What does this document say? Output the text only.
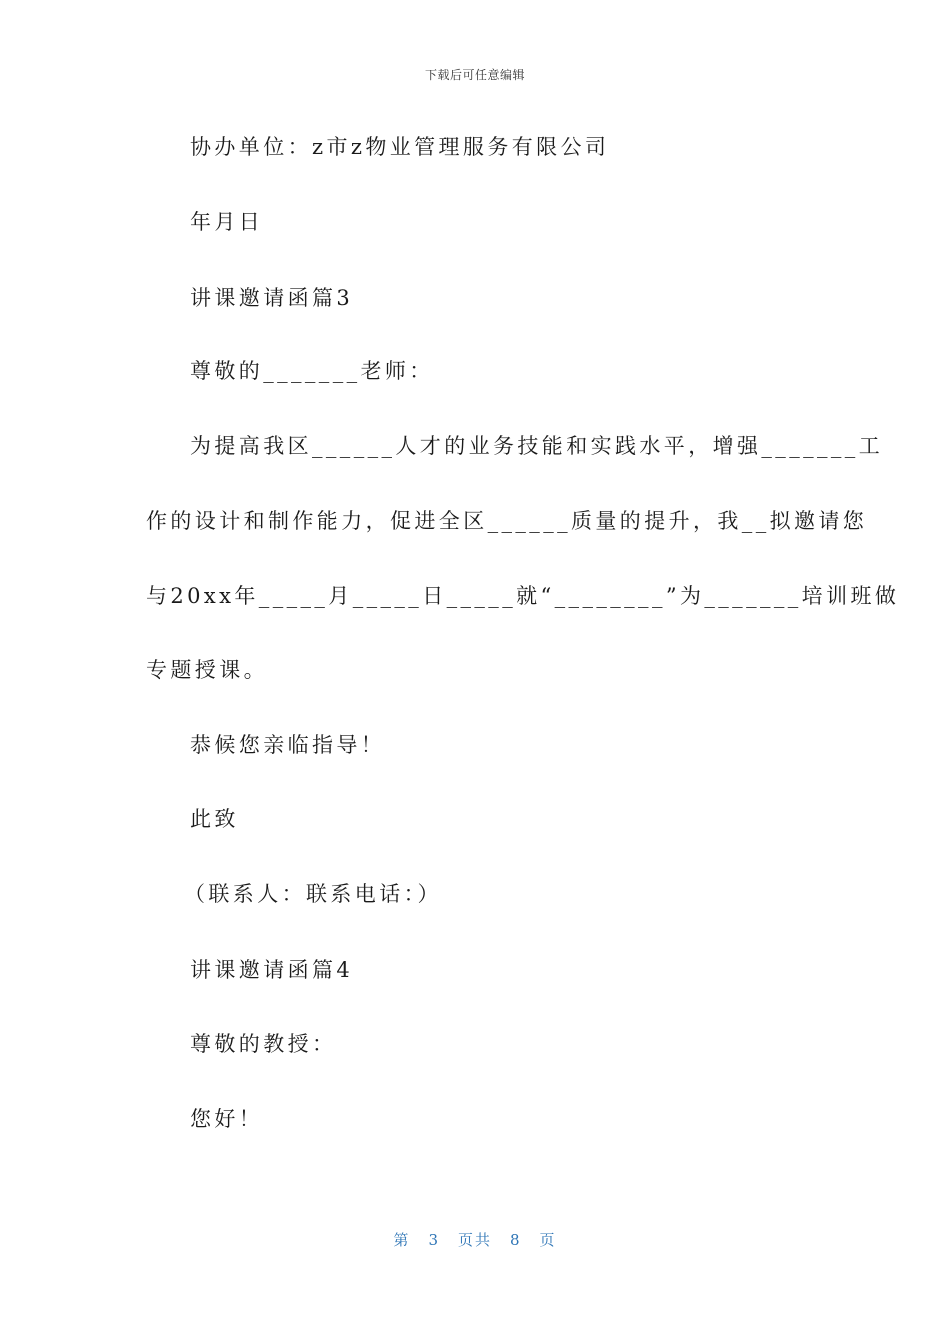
下载后可任意编辑
协办单位：z市z物业管理服务有限公司
年月日
讲课邀请函篇3
尊敬的_______老师：
为提高我区______人才的业务技能和实践水平，增强_______工
作的设计和制作能力，促进全区______质量的提升，我__拟邀请您
与20xx年_____月_____日_____就“________”为_______培训班做
专题授课。
恭候您亲临指导！
此致
（联系人：联系电话：）
讲课邀请函篇4
尊敬的教授：
您好！
第 3 页共 8 页
